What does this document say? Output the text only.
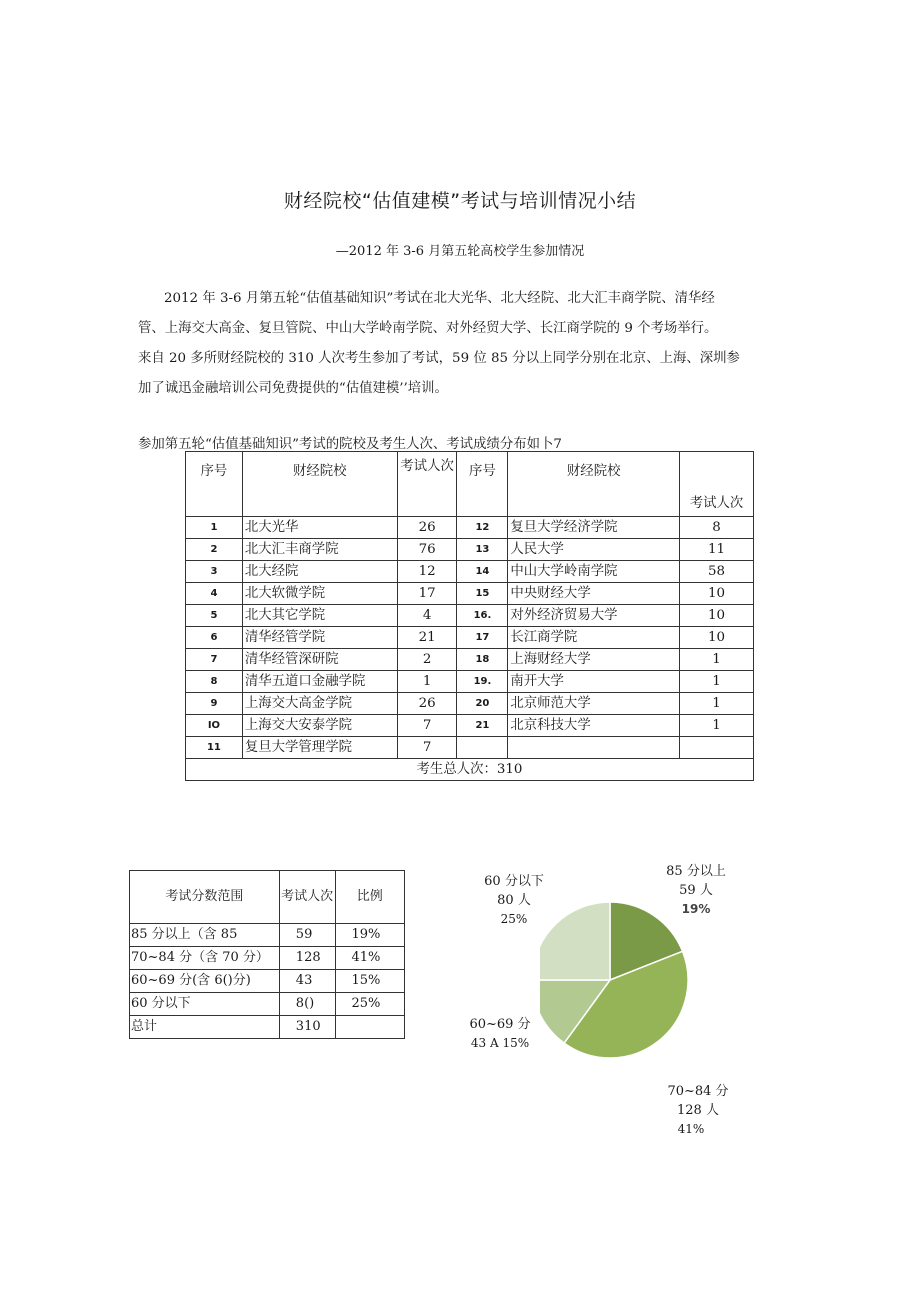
财经院校“估值建模”考试与培训情况小结
—2012 年 3-6 月第五轮高校学生参加情况
2012 年 3-6 月第五轮“估值基础知识”考试在北大光华、北大经院、北大汇丰商学院、清华经
管、上海交大高金、复旦管院、中山大学岭南学院、对外经贸大学、长江商学院的 9 个考场举行。
来自 20 多所财经院校的 310 人次考生参加了考试，59 位 85 分以上同学分别在北京、上海、深圳参
加了诚迅金融培训公司免费提供的“估值建模’’培训。
参加第五轮“估值基础知识”考试的院校及考生人次、考试成绩分布如卜7
序号	财经院校	考试人次	序号	财经院校	考试人次
1	北大光华	26	12	复旦大学经济学院	8
2	北大汇丰商学院	76	13	人民大学	11
3	北大经院	12	14	中山大学岭南学院	58
4	北大软微学院	17	15	中央财经大学	10
5	北大其它学院	4	16.	对外经济贸易大学	10
6	清华经管学院	21	17	长江商学院	10
7	清华经管深研院	2	18	上海财经大学	1
8	清华五道口金融学院	1	19.	南开大学	1
9	上海交大高金学院	26	20	北京师范大学	1
IO	上海交大安泰学院	7	21	北京科技大学	1
11	复旦大学管理学院	7			
考生总人次：310					
考试分数范围	考试人次	比例
85 分以上（含 85	59	19%
70~84 分（含 70 分）	128	41%
60~69 分(含 6()分)	43	15%
60 分以下	8()	25%
总计	310	
85 分以上
59 人
19%
60 分以下
80 人
25%
60~69 分
43 A 15%
70~84 分
128 人
41%
